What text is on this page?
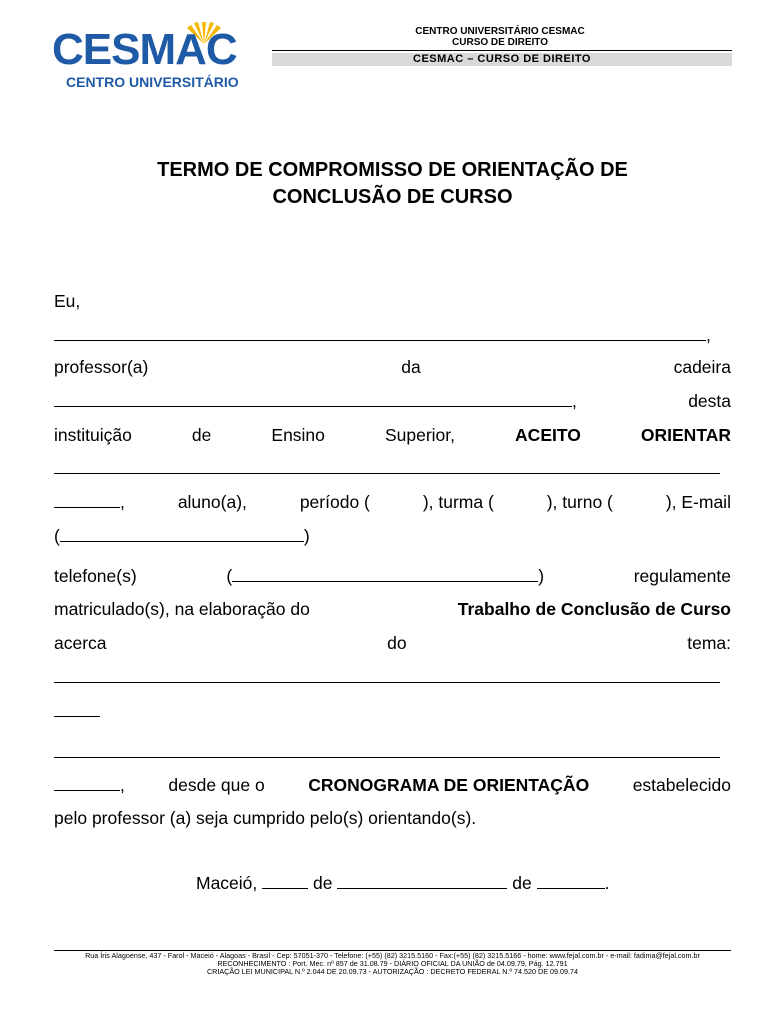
CESMAC
CENTRO UNIVERSITÁRIO
CENTRO UNIVERSITÁRIO CESMAC
CURSO DE DIREITO
CESMAC – CURSO DE DIREITO
TERMO DE COMPROMISSO DE ORIENTAÇÃO DE
CONCLUSÃO DE CURSO
Eu,
,
professor(a)	da	cadeira
,	desta
instituição	de	Ensino	Superior,	ACEITO	ORIENTAR
,	aluno(a),	período (	), turma (	), turno (	), E-mail
(	)
telefone(s)	(	)	regulamente
matriculado(s), na elaboração do	Trabalho de Conclusão de Curso
acerca	do	tema:
, desde que o CRONOGRAMA DE ORIENTAÇÃO estabelecido
pelo professor (a) seja cumprido pelo(s) orientando(s).
Maceió,	de	de	.
Rua Íris Alagoense, 437 - Farol - Maceió - Alagoas - Brasil - Cep: 57051-370 - Telefone: (+55) (82) 3215.5160 - Fax:(+55) (82) 3215.5166 - home: www.fejal.com.br - e-mail: fadima@fejal.com.br
RECONHECIMENTO : Port. Mec. nº 857 de 31.08.79 - DIÁRIO OFICIAL DA UNIÃO de 04.09.79, Pág. 12.791
CRIAÇÃO LEI MUNICIPAL N.º 2.044 DE 20.09.73 - AUTORIZAÇÃO : DECRETO FEDERAL N.º 74.520 DE 09.09.74
